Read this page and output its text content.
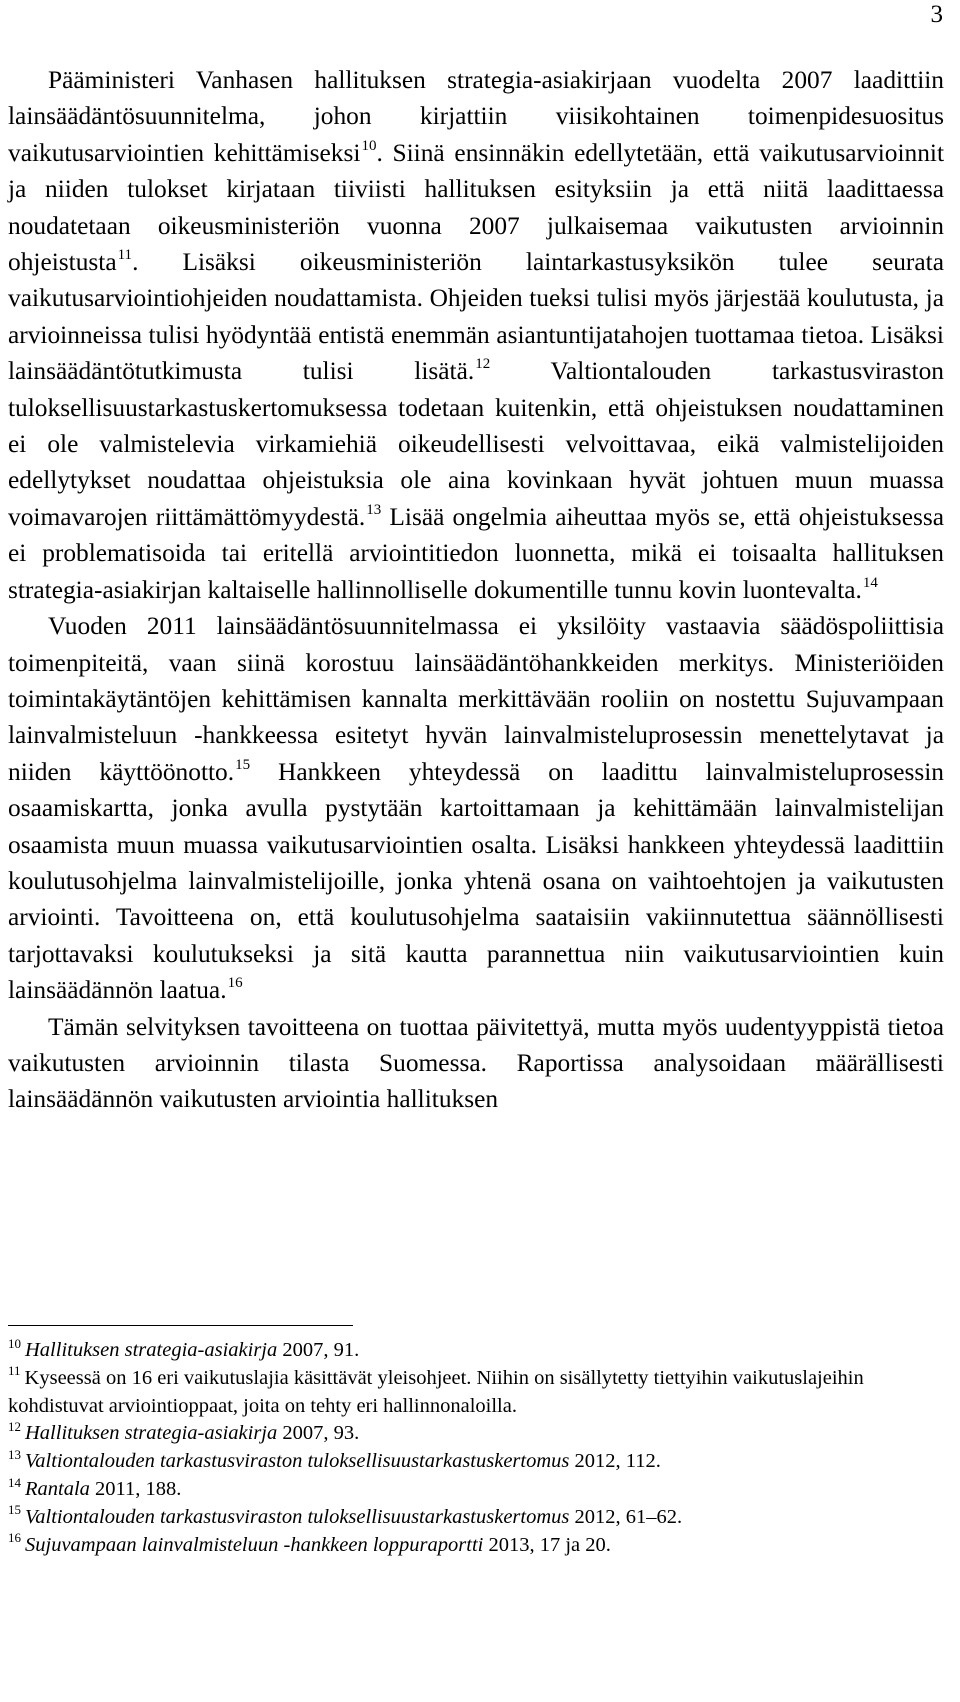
3

Pääministeri Vanhasen hallituksen strategia-asiakirjaan vuodelta 2007 laadittiin lainsäädäntösuunnitelma, johon kirjattiin viisikohtainen toimenpidesuositus vaikutusarviointien kehittämiseksi$^{10}$. Siinä ensinnäkin edellytetään, että vaikutusarvioinnit ja niiden tulokset kirjataan tiiviisti hallituksen esityksiin ja että niitä laadittaessa noudatetaan oikeusministeriön vuonna 2007 julkaisemaa vaikutusten arvioinnin ohjeistusta$^{11}$. Lisäksi oikeusministeriön laintarkastusyksikön tulee seurata vaikutusarviointiohjeiden noudattamista. Ohjeiden tueksi tulisi myös järjestää koulutusta, ja arvioinneissa tulisi hyödyntää entistä enemmän asiantuntijatahojen tuottamaa tietoa. Lisäksi lainsäädäntötutkimusta tulisi lisätä.$^{12}$ Valtiontalouden tarkastusviraston tuloksellisuustarkastuskertomuksessa todetaan kuitenkin, että ohjeistuksen noudattaminen ei ole valmistelevia virkamiehiä oikeudellisesti velvoittavaa, eikä valmistelijoiden edellytykset noudattaa ohjeistuksia ole aina kovinkaan hyvät johtuen muun muassa voimavarojen riittämättömyydestä.$^{13}$ Lisää ongelmia aiheuttaa myös se, että ohjeistuksessa ei problematisoida tai eritellä arviointitiedon luonnetta, mikä ei toisaalta hallituksen strategia-asiakirjan kaltaiselle hallinnolliselle dokumentille tunnu kovin luontevalta.$^{14}$

Vuoden 2011 lainsäädäntösuunnitelmassa ei yksilöity vastaavia säädöspoliittisia toimenpiteitä, vaan siinä korostuu lainsäädäntöhankkeiden merkitys. Ministeriöiden toimintakäytäntöjen kehittämisen kannalta merkittävään rooliin on nostettu Sujuvampaan lainvalmisteluun -hankkeessa esitetyt hyvän lainvalmisteluprosessin menettelytavat ja niiden käyttöönotto.$^{15}$ Hankkeen yhteydessä on laadittu lainvalmisteluprosessin osaamiskartta, jonka avulla pystytään kartoittamaan ja kehittämään lainvalmistelijan osaamista muun muassa vaikutusarviointien osalta. Lisäksi hankkeen yhteydessä laadittiin koulutusohjelma lainvalmistelijoille, jonka yhtenä osana on vaihtoehtojen ja vaikutusten arviointi. Tavoitteena on, että koulutusohjelma saataisiin vakiinnutettua säännöllisesti tarjottavaksi koulutukseksi ja sitä kautta parannettua niin vaikutusarviointien kuin lainsäädännön laatua.$^{16}$

Tämän selvityksen tavoitteena on tuottaa päivitettyä, mutta myös uudentyyppistä tietoa vaikutusten arvioinnin tilasta Suomessa. Raportissa analysoidaan määrällisesti lainsäädännön vaikutusten arviointia hallituksen

$^{10}$ Hallituksen strategia-asiakirja 2007, 91.

$^{11}$ Kyseessä on 16 eri vaikutuslajia käsittävät yleisohjeet. Niihin on sisällytetty tiettyihin vaikutuslajeihin kohdistuvat arviointioppaat, joita on tehty eri hallinnonaloilla.

$^{12}$ Hallituksen strategia-asiakirja 2007, 93.

$^{13}$ Valtiontalouden tarkastusviraston tuloksellisuustarkastuskertomus 2012, 112.

$^{14}$ Rantala 2011, 188.

$^{15}$ Valtiontalouden tarkastusviraston tuloksellisuustarkastuskertomus 2012, 61–62.

$^{16}$ Sujuvampaan lainvalmisteluun -hankkeen loppuraportti 2013, 17 ja 20.
